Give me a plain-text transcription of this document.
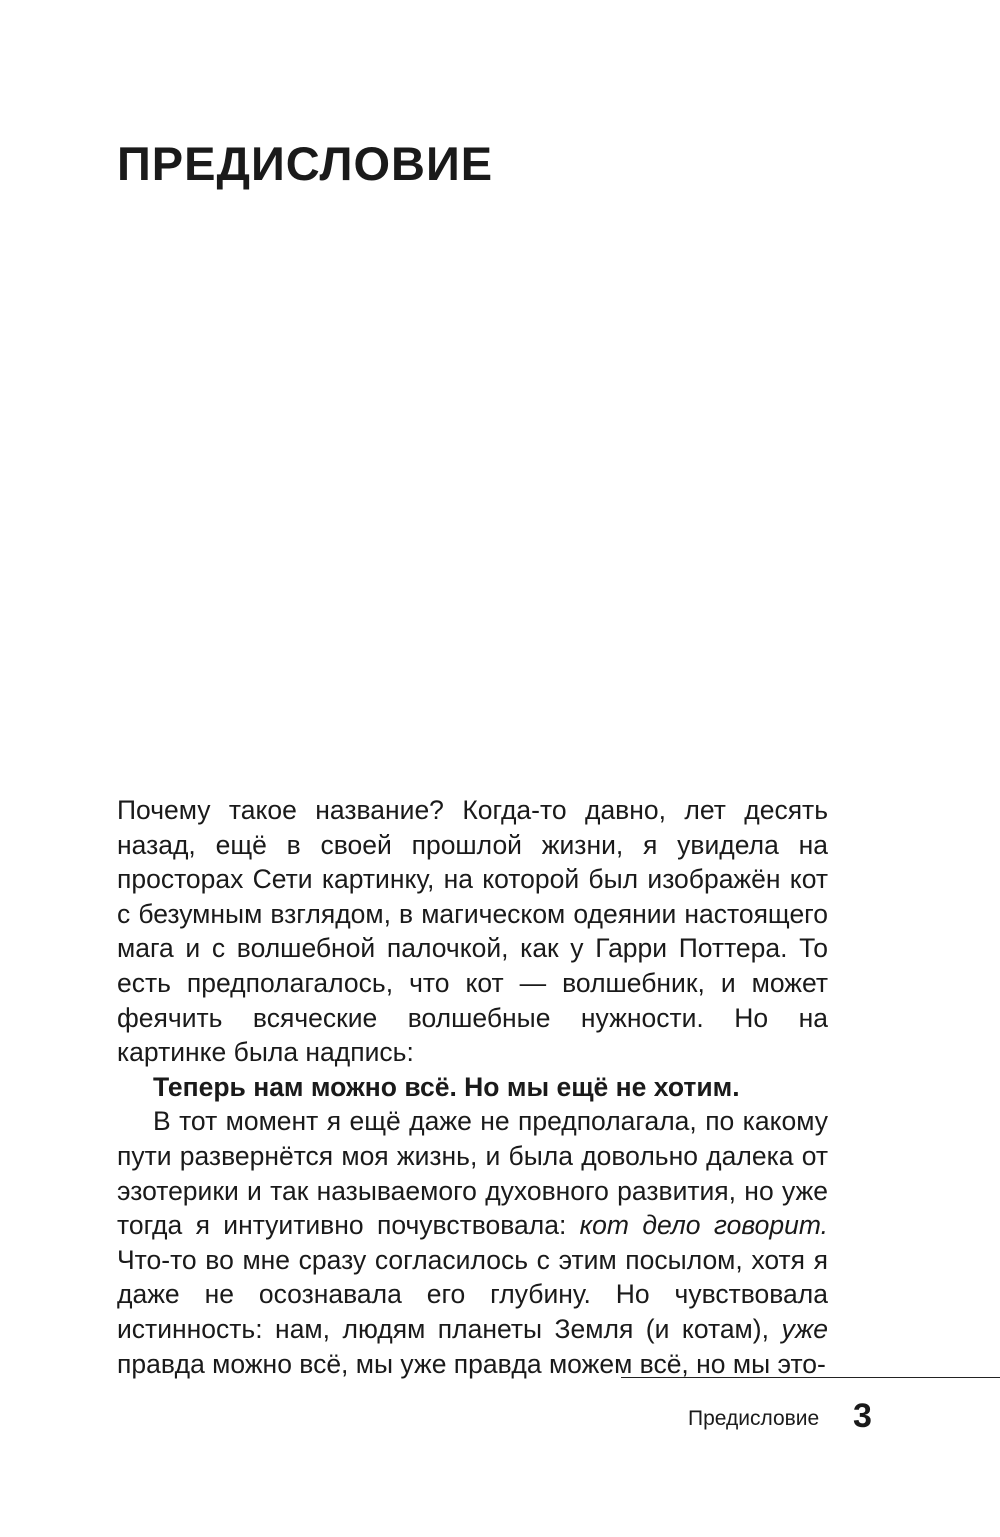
ПРЕДИСЛОВИЕ

Почему такое название? Когда-то давно, лет десять назад, ещё в своей прошлой жизни, я увидела на просторах Сети картинку, на которой был изображён кот с безумным взглядом, в магическом одеянии настоящего мага и с волшебной палочкой, как у Гарри Поттера. То есть предполагалось, что кот — волшебник, и может феячить всяческие волшебные нужности. Но на картинке была надпись:

Теперь нам можно всё. Но мы ещё не хотим.

В тот момент я ещё даже не предполагала, по какому пути развернётся моя жизнь, и была довольно далека от эзотерики и так называемого духовного развития, но уже тогда я интуитивно почувствовала: кот дело говорит. Что-то во мне сразу согласилось с этим посылом, хотя я даже не осознавала его глубину. Но чувствовала истинность: нам, людям планеты Земля (и котам), уже правда можно всё, мы уже правда можем всё, но мы это-

Предисловие 3
